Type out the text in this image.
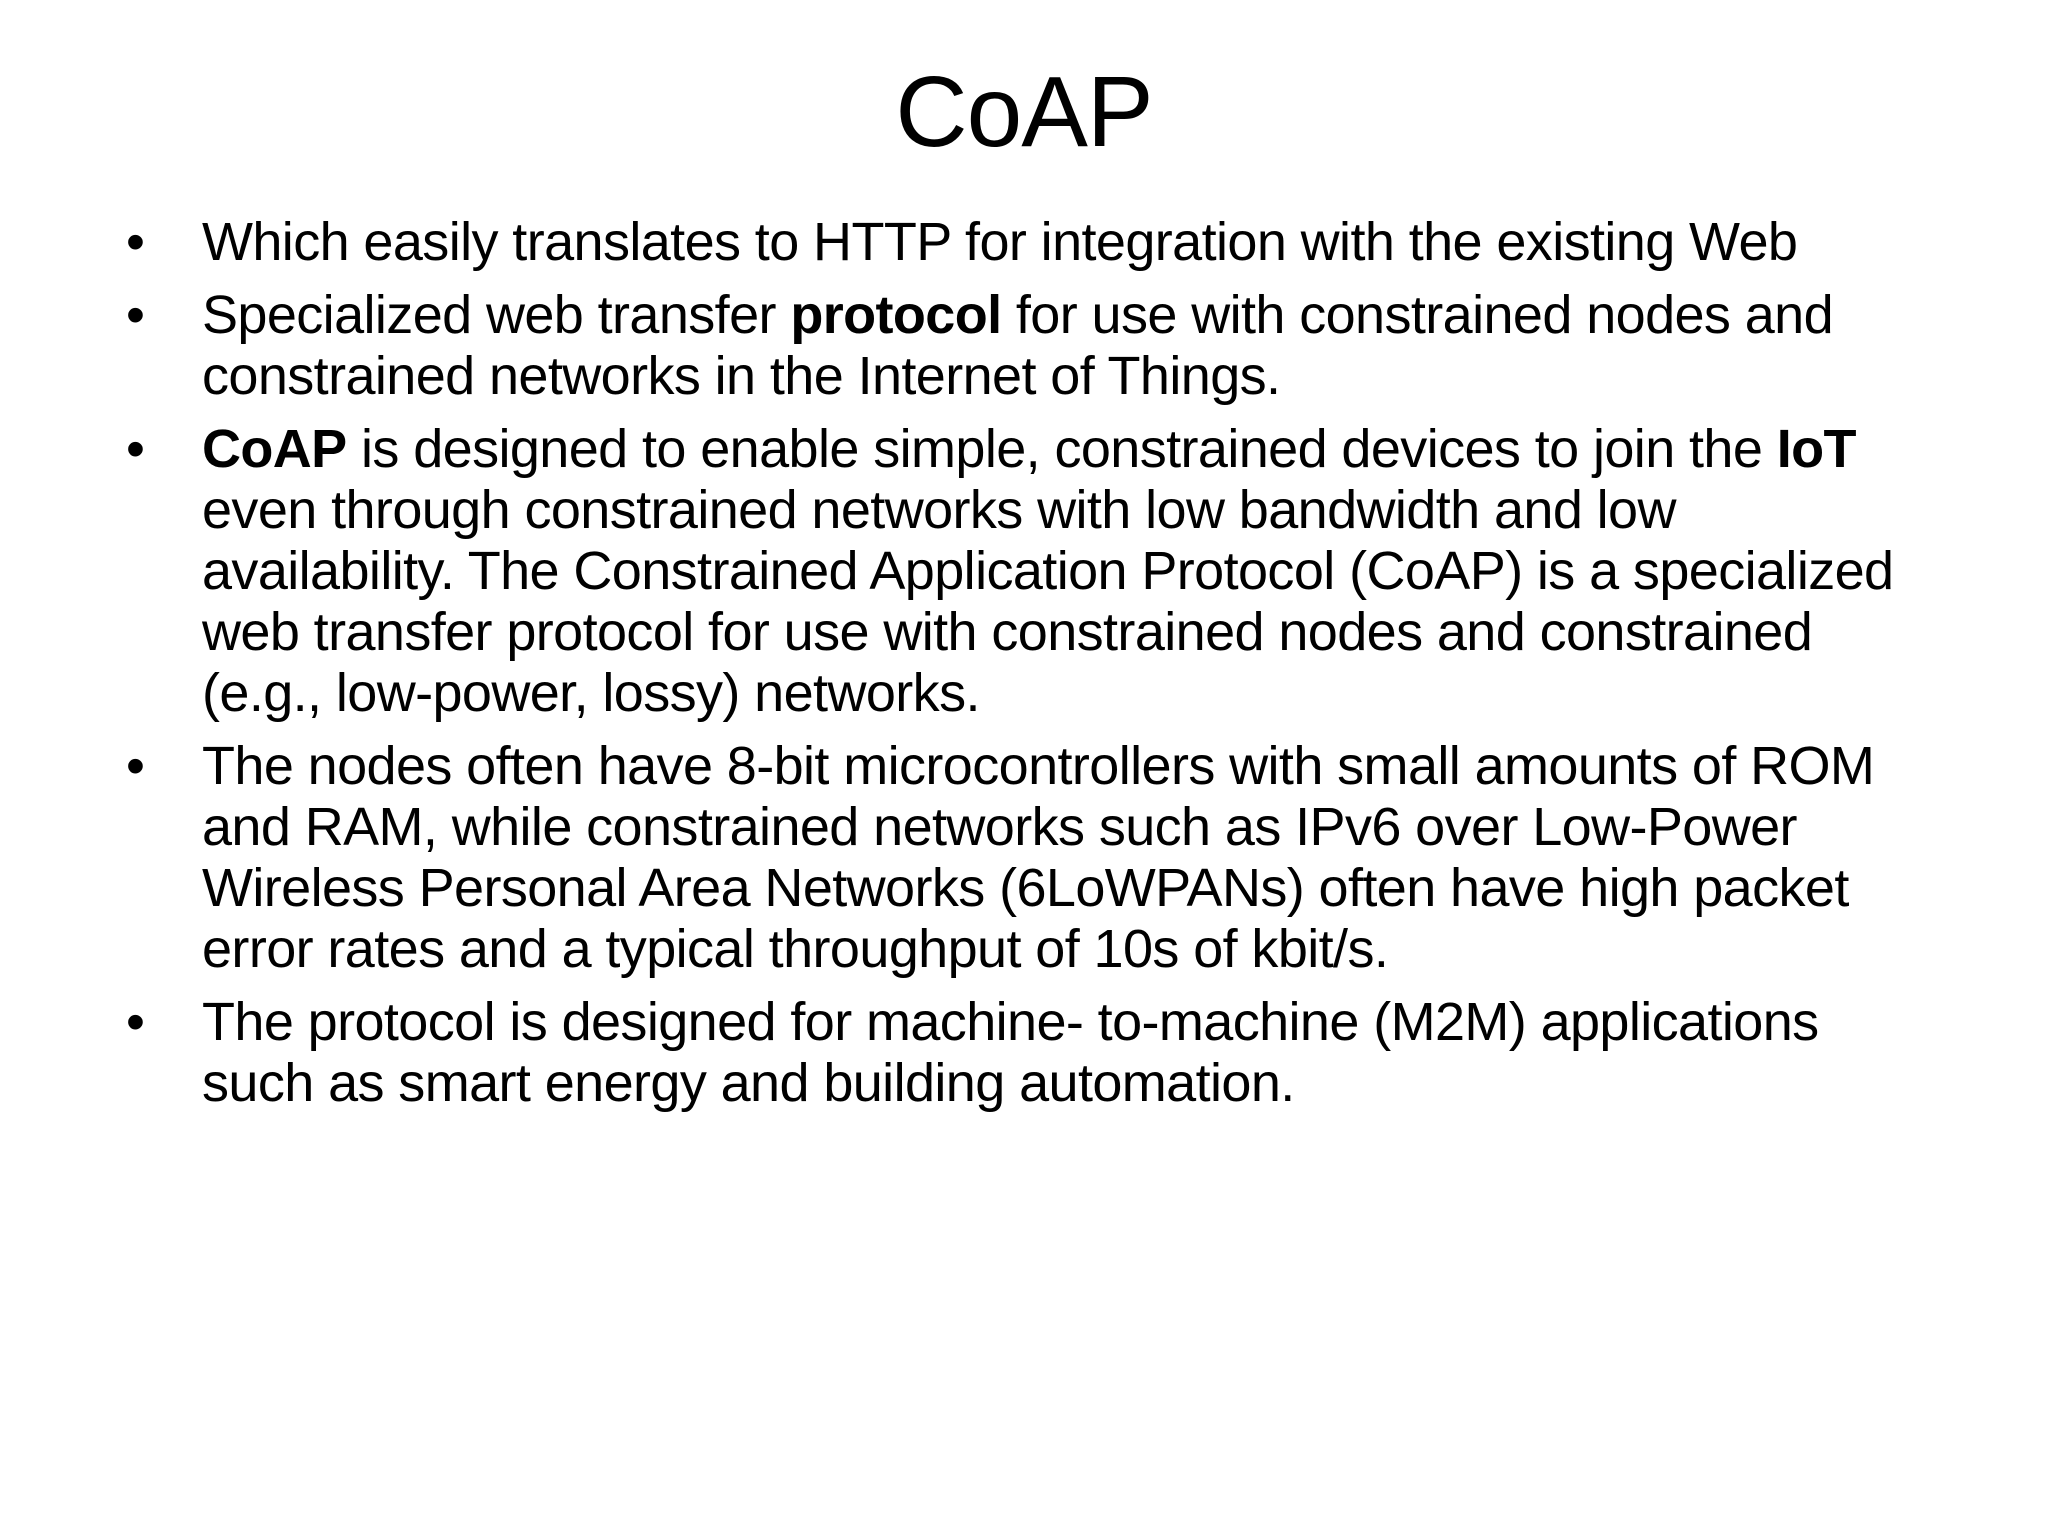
CoAP
• Which easily translates to HTTP for integration with the existing Web
• Specialized web transfer protocol for use with constrained nodes and constrained networks in the Internet of Things.
• CoAP is designed to enable simple, constrained devices to join the IoT even through constrained networks with low bandwidth and low availability. The Constrained Application Protocol (CoAP) is a specialized web transfer protocol for use with constrained nodes and constrained (e.g., low-power, lossy) networks.
• The nodes often have 8-bit microcontrollers with small amounts of ROM and RAM, while constrained networks such as IPv6 over Low-Power Wireless Personal Area Networks (6LoWPANs) often have high packet error rates and a typical throughput of 10s of kbit/s.
• The protocol is designed for machine- to-machine (M2M) applications such as smart energy and building automation.
